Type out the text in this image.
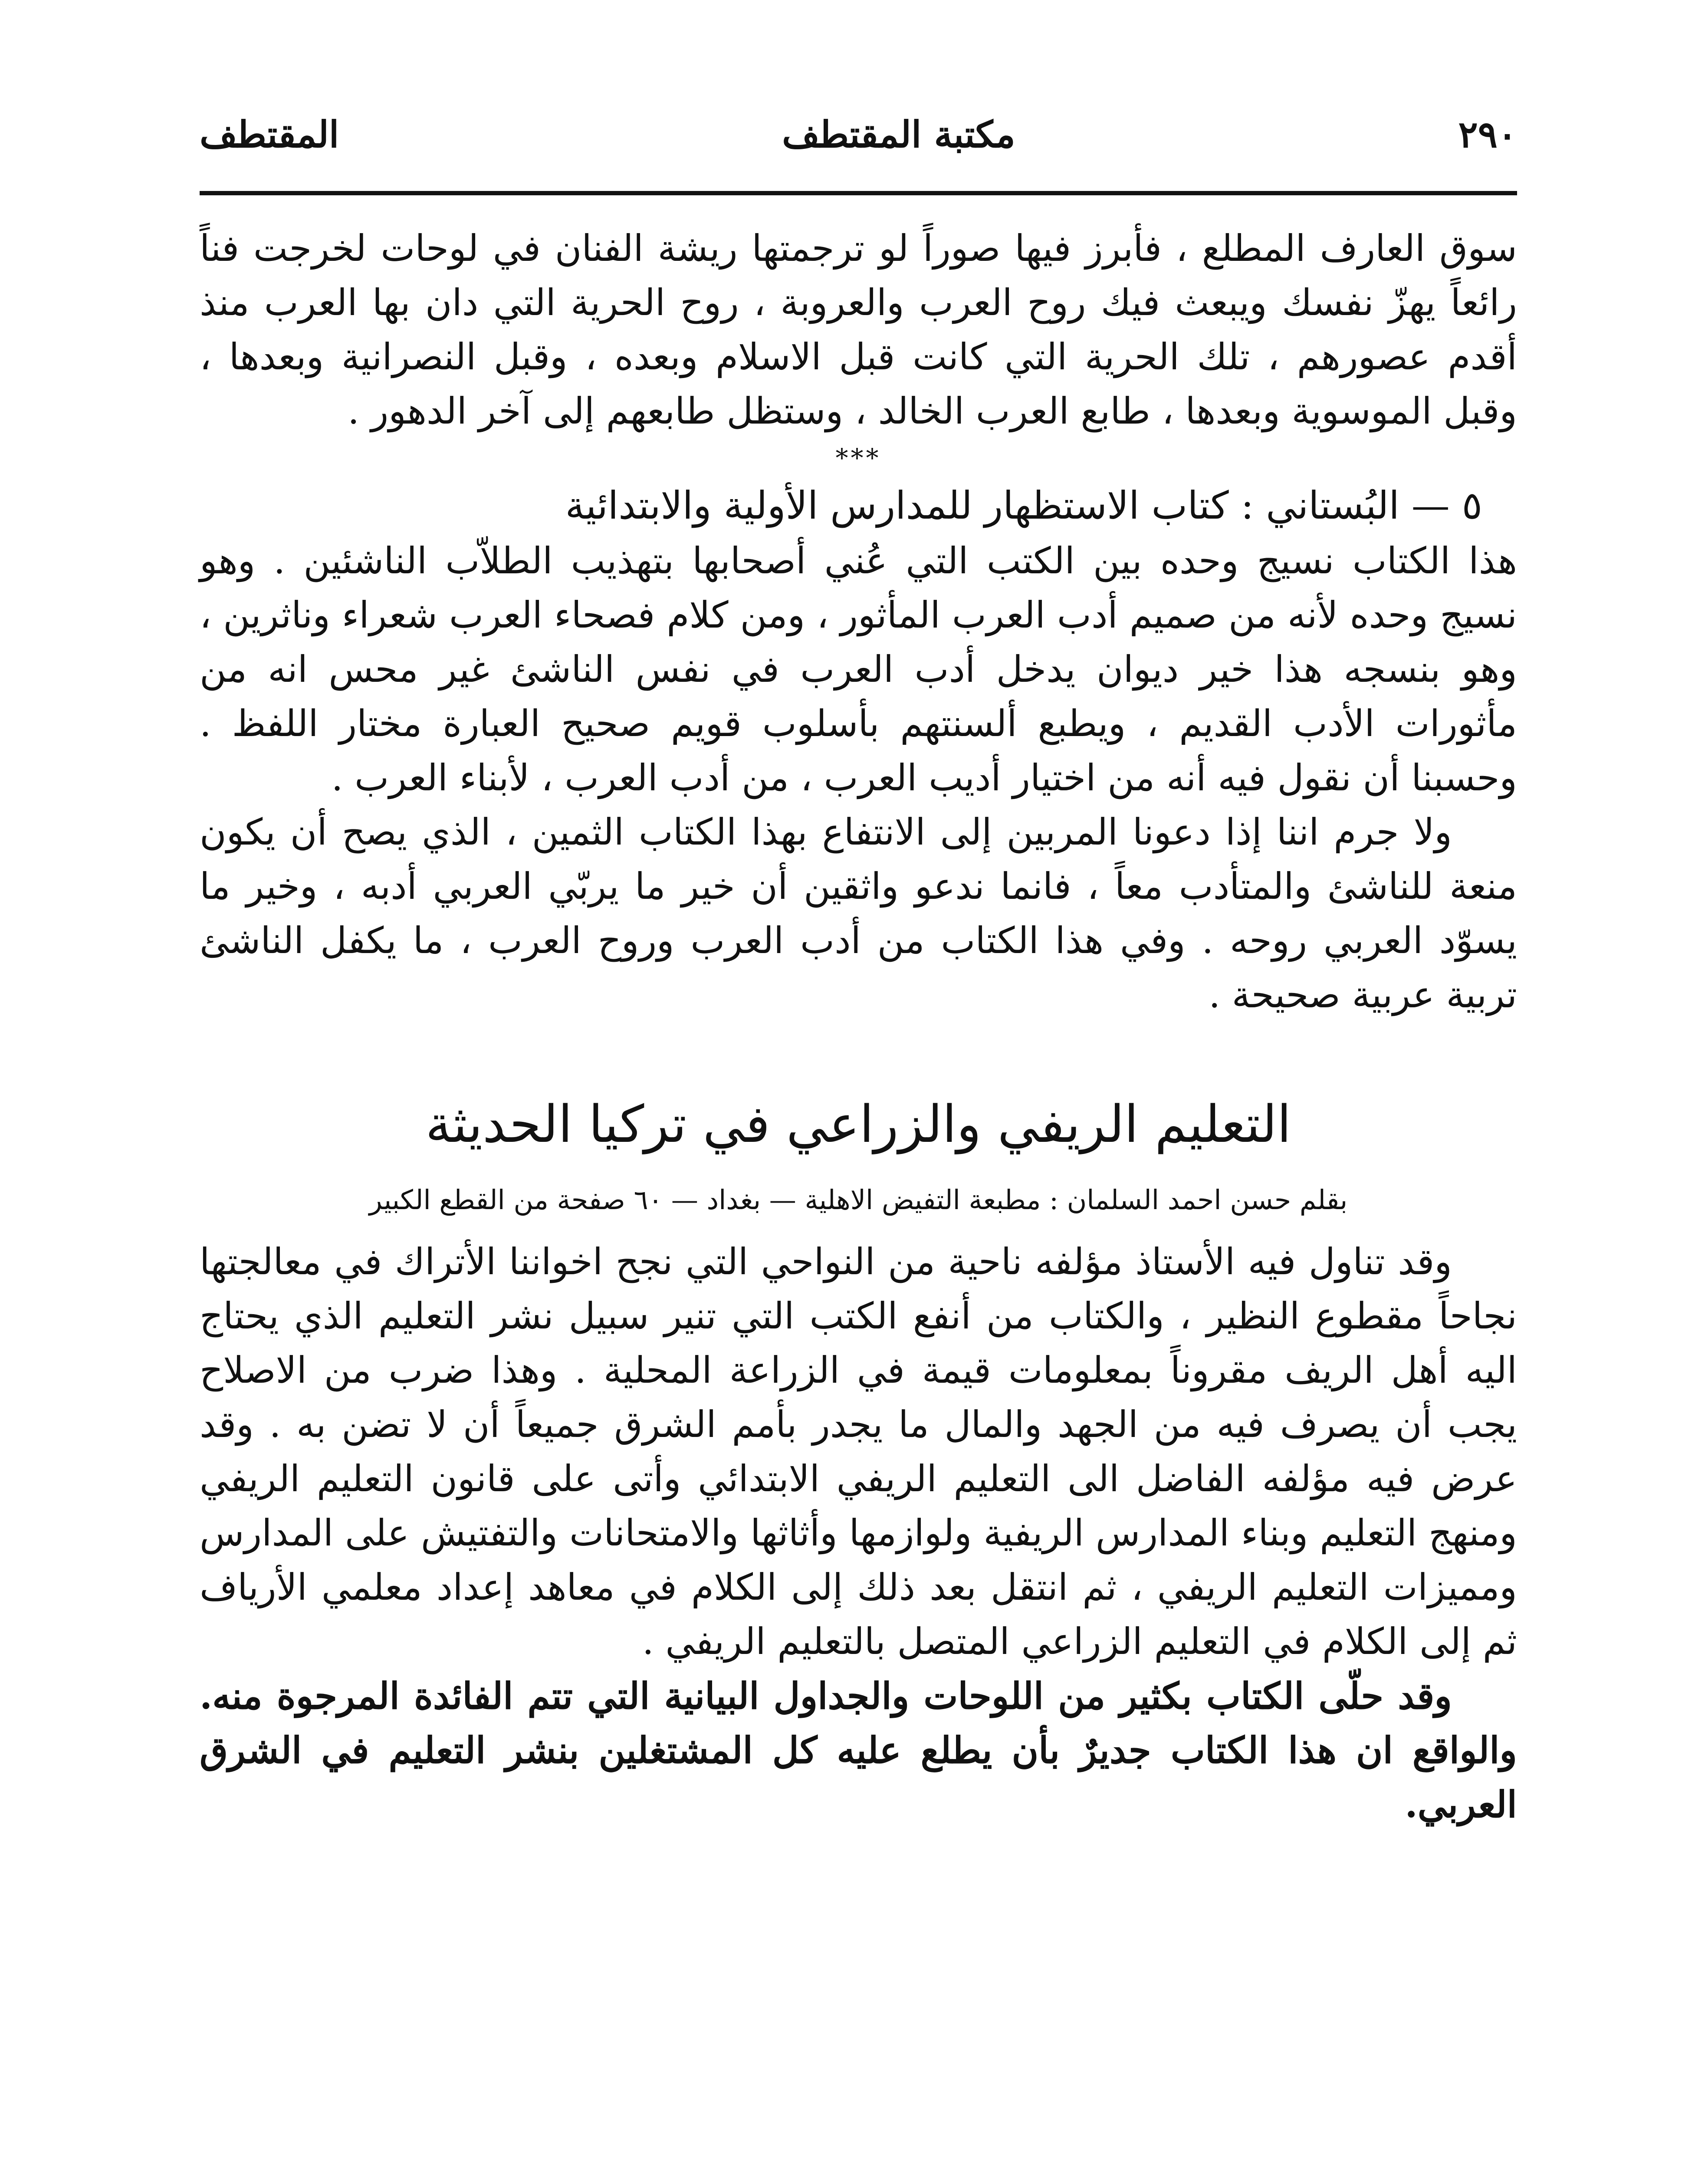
٢٩٠
مكتبة المقتطف
المقتطف

سوق العارف المطلع ، فأبرز فيها صوراً لو ترجمتها ريشة الفنان في لوحات لخرجت فناً رائعاً يهزّ نفسك ويبعث فيك روح العرب والعروبة ، روح الحرية التي دان بها العرب منذ أقدم عصورهم ، تلك الحرية التي كانت قبل الاسلام وبعده ، وقبل النصرانية وبعدها ، وقبل الموسوية وبعدها ، طابع العرب الخالد ، وستظل طابعهم إلى آخر الدهور .

***

٥ — البُستاني : كتاب الاستظهار للمدارس الأولية والابتدائية

هذا الكتاب نسيج وحده بين الكتب التي عُني أصحابها بتهذيب الطلاّب الناشئين . وهو نسيج وحده لأنه من صميم أدب العرب المأثور ، ومن كلام فصحاء العرب شعراء وناثرين ، وهو بنسجه هذا خير ديوان يدخل أدب العرب في نفس الناشئ غير محس انه من مأثورات الأدب القديم ، ويطبع ألسنتهم بأسلوب قويم صحيح العبارة مختار اللفظ . وحسبنا أن نقول فيه أنه من اختيار أديب العرب ، من أدب العرب ، لأبناء العرب .

ولا جرم اننا إذا دعونا المربين إلى الانتفاع بهذا الكتاب الثمين ، الذي يصح أن يكون منعة للناشئ والمتأدب معاً ، فانما ندعو واثقين أن خير ما يربّي العربي أدبه ، وخير ما يسوّد العربي روحه . وفي هذا الكتاب من أدب العرب وروح العرب ، ما يكفل الناشئ تربية عربية صحيحة .

التعليم الريفي والزراعي في تركيا الحديثة

بقلم حسن احمد السلمان : مطبعة التفيض الاهلية — بغداد — ٦٠ صفحة من القطع الكبير

وقد تناول فيه الأستاذ مؤلفه ناحية من النواحي التي نجح اخواننا الأتراك في معالجتها نجاحاً مقطوع النظير ، والكتاب من أنفع الكتب التي تنير سبيل نشر التعليم الذي يحتاج اليه أهل الريف مقروناً بمعلومات قيمة في الزراعة المحلية . وهذا ضرب من الاصلاح يجب أن يصرف فيه من الجهد والمال ما يجدر بأمم الشرق جميعاً أن لا تضن به . وقد عرض فيه مؤلفه الفاضل الى التعليم الريفي الابتدائي وأتى على قانون التعليم الريفي ومنهج التعليم وبناء المدارس الريفية ولوازمها وأثاثها والامتحانات والتفتيش على المدارس ومميزات التعليم الريفي ، ثم انتقل بعد ذلك إلى الكلام في معاهد إعداد معلمي الأرياف ثم إلى الكلام في التعليم الزراعي المتصل بالتعليم الريفي .

وقد حلّى الكتاب بكثير من اللوحات والجداول البيانية التي تتم الفائدة المرجوة منه. والواقع ان هذا الكتاب جديرٌ بأن يطلع عليه كل المشتغلين بنشر التعليم في الشرق العربي.
